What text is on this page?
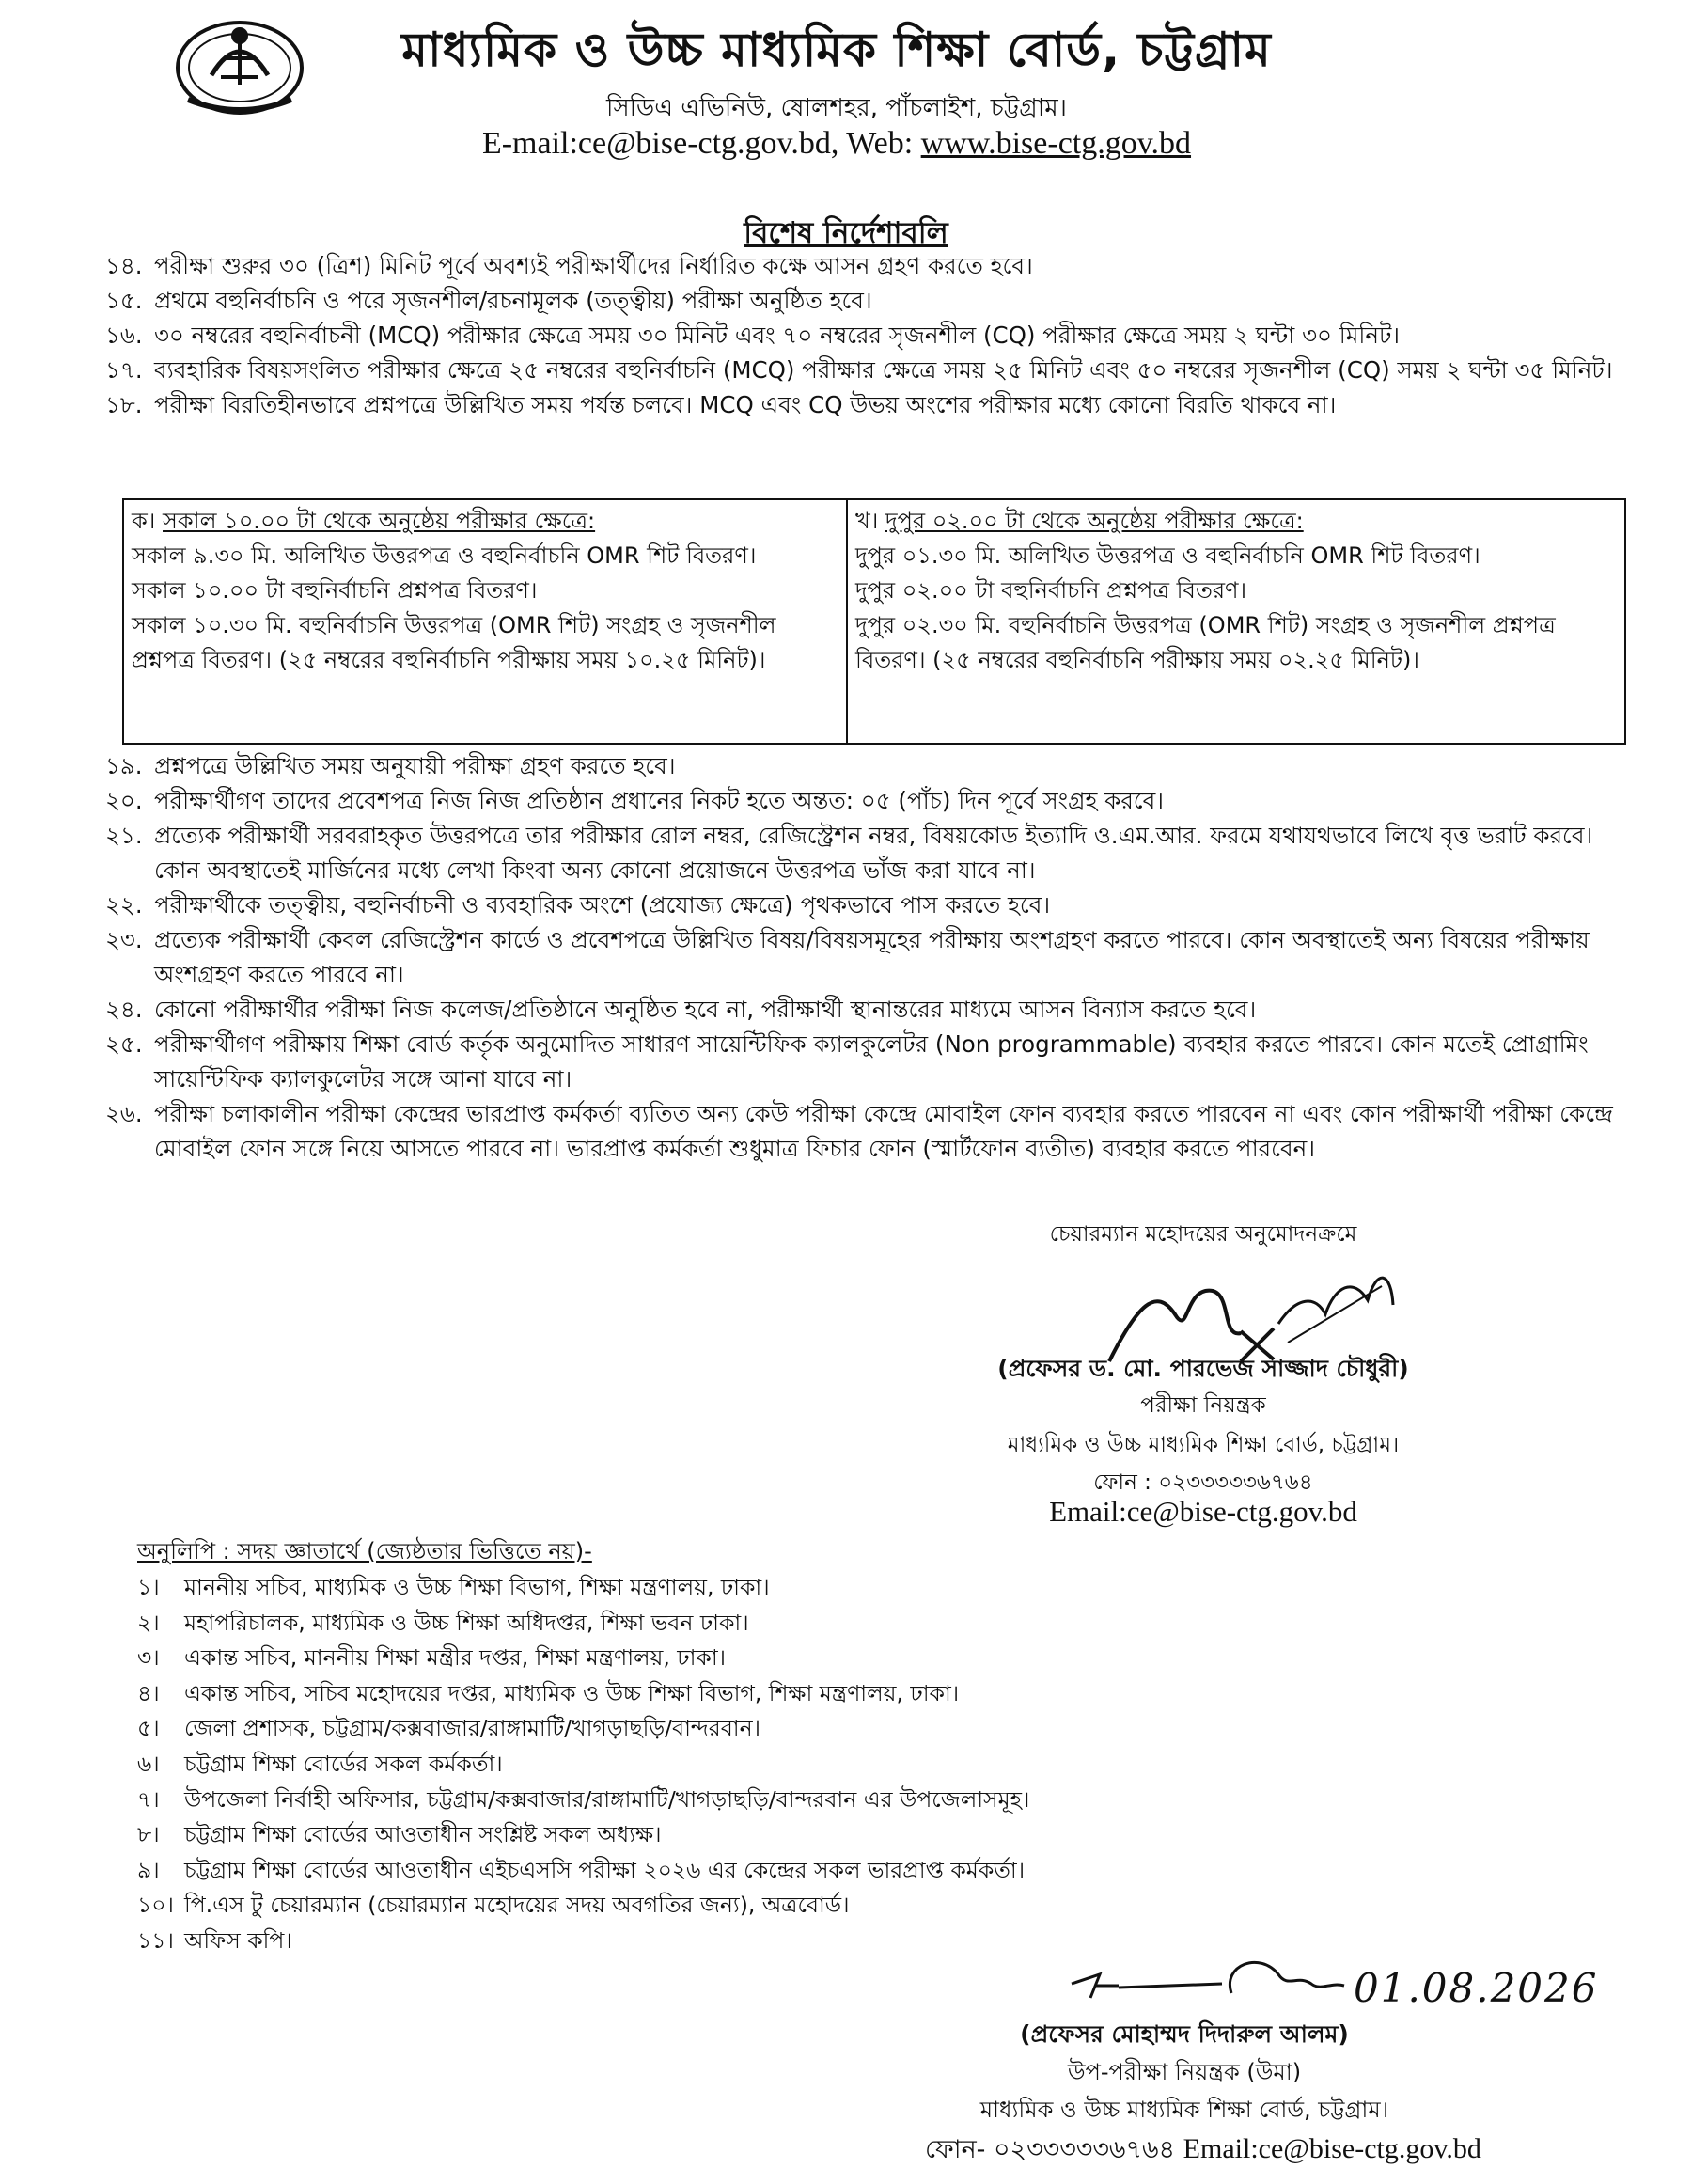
মাধ্যমিক ও উচ্চ মাধ্যমিক শিক্ষা বোর্ড, চট্টগ্রাম
সিডিএ এভিনিউ, ষোলশহর, পাঁচলাইশ, চট্টগ্রাম।
E-mail:ce@bise-ctg.gov.bd, Web: www.bise-ctg.gov.bd
বিশেষ নির্দেশাবলি
১৪. পরীক্ষা শুরুর ৩০ (ত্রিশ) মিনিট পূর্বে অবশ্যই পরীক্ষার্থীদের নির্ধারিত কক্ষে আসন গ্রহণ করতে হবে।
১৫. প্রথমে বহুনির্বাচনি ও পরে সৃজনশীল/রচনামূলক (তত্ত্বীয়) পরীক্ষা অনুষ্ঠিত হবে।
১৬. ৩০ নম্বরের বহুনির্বাচনী (MCQ) পরীক্ষার ক্ষেত্রে সময় ৩০ মিনিট এবং ৭০ নম্বরের সৃজনশীল (CQ) পরীক্ষার ক্ষেত্রে সময় ২ ঘন্টা ৩০ মিনিট।
১৭. ব্যবহারিক বিষয়সংলিত পরীক্ষার ক্ষেত্রে ২৫ নম্বরের বহুনির্বাচনি (MCQ) পরীক্ষার ক্ষেত্রে সময় ২৫ মিনিট এবং ৫০ নম্বরের সৃজনশীল (CQ) সময় ২ ঘন্টা ৩৫ মিনিট।
১৮. পরীক্ষা বিরতিহীনভাবে প্রশ্নপত্রে উল্লিখিত সময় পর্যন্ত চলবে। MCQ এবং CQ উভয় অংশের পরীক্ষার মধ্যে কোনো বিরতি থাকবে না।
ক। সকাল ১০.০০ টা থেকে অনুষ্ঠেয় পরীক্ষার ক্ষেত্রে:
সকাল ৯.৩০ মি. অলিখিত উত্তরপত্র ও বহুনির্বাচনি OMR শিট বিতরণ।
সকাল ১০.০০ টা বহুনির্বাচনি প্রশ্নপত্র বিতরণ।
সকাল ১০.৩০ মি. বহুনির্বাচনি উত্তরপত্র (OMR শিট) সংগ্রহ ও সৃজনশীল প্রশ্নপত্র বিতরণ। (২৫ নম্বরের বহুনির্বাচনি পরীক্ষায় সময় ১০.২৫ মিনিট)।
খ। দুপুর ০২.০০ টা থেকে অনুষ্ঠেয় পরীক্ষার ক্ষেত্রে:
দুপুর ০১.৩০ মি. অলিখিত উত্তরপত্র ও বহুনির্বাচনি OMR শিট বিতরণ।
দুপুর ০২.০০ টা বহুনির্বাচনি প্রশ্নপত্র বিতরণ।
দুপুর ০২.৩০ মি. বহুনির্বাচনি উত্তরপত্র (OMR শিট) সংগ্রহ ও সৃজনশীল প্রশ্নপত্র বিতরণ। (২৫ নম্বরের বহুনির্বাচনি পরীক্ষায় সময় ০২.২৫ মিনিট)।
১৯. প্রশ্নপত্রে উল্লিখিত সময় অনুযায়ী পরীক্ষা গ্রহণ করতে হবে।
২০. পরীক্ষার্থীগণ তাদের প্রবেশপত্র নিজ নিজ প্রতিষ্ঠান প্রধানের নিকট হতে অন্তত: ০৫ (পাঁচ) দিন পূর্বে সংগ্রহ করবে।
২১. প্রত্যেক পরীক্ষার্থী সরবরাহকৃত উত্তরপত্রে তার পরীক্ষার রোল নম্বর, রেজিস্ট্রেশন নম্বর, বিষয়কোড ইত্যাদি ও.এম.আর. ফরমে যথাযথভাবে লিখে বৃত্ত ভরাট করবে। কোন অবস্থাতেই মার্জিনের মধ্যে লেখা কিংবা অন্য কোনো প্রয়োজনে উত্তরপত্র ভাঁজ করা যাবে না।
২২. পরীক্ষার্থীকে তত্ত্বীয়, বহুনির্বাচনী ও ব্যবহারিক অংশে (প্রযোজ্য ক্ষেত্রে) পৃথকভাবে পাস করতে হবে।
২৩. প্রত্যেক পরীক্ষার্থী কেবল রেজিস্ট্রেশন কার্ডে ও প্রবেশপত্রে উল্লিখিত বিষয়/বিষয়সমূহের পরীক্ষায় অংশগ্রহণ করতে পারবে। কোন অবস্থাতেই অন্য বিষয়ের পরীক্ষায় অংশগ্রহণ করতে পারবে না।
২৪. কোনো পরীক্ষার্থীর পরীক্ষা নিজ কলেজ/প্রতিষ্ঠানে অনুষ্ঠিত হবে না, পরীক্ষার্থী স্থানান্তরের মাধ্যমে আসন বিন্যাস করতে হবে।
২৫. পরীক্ষার্থীগণ পরীক্ষায় শিক্ষা বোর্ড কর্তৃক অনুমোদিত সাধারণ সায়েন্টিফিক ক্যালকুলেটর (Non programmable) ব্যবহার করতে পারবে। কোন মতেই প্রোগ্রামিং সায়েন্টিফিক ক্যালকুলেটর সঙ্গে আনা যাবে না।
২৬. পরীক্ষা চলাকালীন পরীক্ষা কেন্দ্রের ভারপ্রাপ্ত কর্মকর্তা ব্যতিত অন্য কেউ পরীক্ষা কেন্দ্রে মোবাইল ফোন ব্যবহার করতে পারবেন না এবং কোন পরীক্ষার্থী পরীক্ষা কেন্দ্রে মোবাইল ফোন সঙ্গে নিয়ে আসতে পারবে না। ভারপ্রাপ্ত কর্মকর্তা শুধুমাত্র ফিচার ফোন (স্মার্টফোন ব্যতীত) ব্যবহার করতে পারবেন।
চেয়ারম্যান মহোদয়ের অনুমোদনক্রমে
(প্রফেসর ড. মো. পারভেজ সাজ্জাদ চৌধুরী)
পরীক্ষা নিয়ন্ত্রক
মাধ্যমিক ও উচ্চ মাধ্যমিক শিক্ষা বোর্ড, চট্টগ্রাম।
ফোন : ০২৩৩৩৩৩৬৭৬৪
Email:ce@bise-ctg.gov.bd
অনুলিপি : সদয় জ্ঞাতার্থে (জ্যেষ্ঠতার ভিত্তিতে নয়)-
১।	মাননীয় সচিব, মাধ্যমিক ও উচ্চ শিক্ষা বিভাগ, শিক্ষা মন্ত্রণালয়, ঢাকা।
২।	মহাপরিচালক, মাধ্যমিক ও উচ্চ শিক্ষা অধিদপ্তর, শিক্ষা ভবন ঢাকা।
৩।	একান্ত সচিব, মাননীয় শিক্ষা মন্ত্রীর দপ্তর, শিক্ষা মন্ত্রণালয়, ঢাকা।
৪।	একান্ত সচিব, সচিব মহোদয়ের দপ্তর, মাধ্যমিক ও উচ্চ শিক্ষা বিভাগ, শিক্ষা মন্ত্রণালয়, ঢাকা।
৫।	জেলা প্রশাসক, চট্টগ্রাম/কক্সবাজার/রাঙ্গামাটি/খাগড়াছড়ি/বান্দরবান।
৬।	চট্টগ্রাম শিক্ষা বোর্ডের সকল কর্মকর্তা।
৭।	উপজেলা নির্বাহী অফিসার, চট্টগ্রাম/কক্সবাজার/রাঙ্গামাটি/খাগড়াছড়ি/বান্দরবান এর উপজেলাসমূহ।
৮।	চট্টগ্রাম শিক্ষা বোর্ডের আওতাধীন সংশ্লিষ্ট সকল অধ্যক্ষ।
৯।	চট্টগ্রাম শিক্ষা বোর্ডের আওতাধীন এইচএসসি পরীক্ষা ২০২৬ এর কেন্দ্রের সকল ভারপ্রাপ্ত কর্মকর্তা।
১০। পি.এস টু চেয়ারম্যান (চেয়ারম্যান মহোদয়ের সদয় অবগতির জন্য), অত্রবোর্ড।
১১। অফিস কপি।
01.08.2026
(প্রফেসর মোহাম্মদ দিদারুল আলম)
উপ-পরীক্ষা নিয়ন্ত্রক (উমা)
মাধ্যমিক ও উচ্চ মাধ্যমিক শিক্ষা বোর্ড, চট্টগ্রাম।
ফোন- ০২৩৩৩৩৩৬৭৬৪ Email:ce@bise-ctg.gov.bd
